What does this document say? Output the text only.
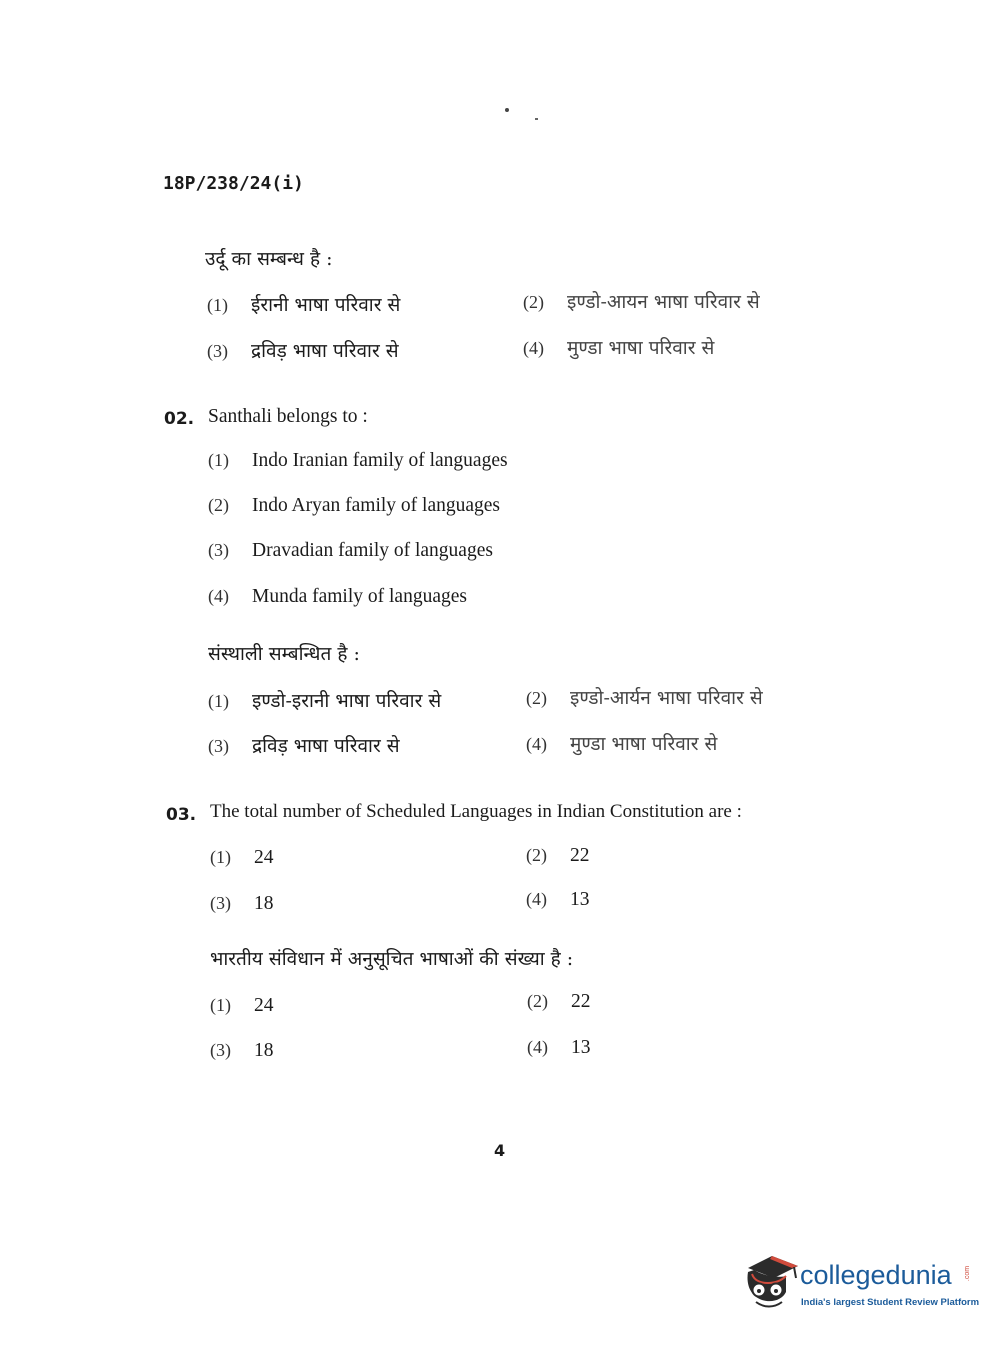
18P/238/24(i)
उर्दू का सम्बन्ध है :
(1) ईरानी भाषा परिवार से	(2) इण्डो-आयन भाषा परिवार से
(3) द्रविड़ भाषा परिवार से	(4) मुण्डा भाषा परिवार से
02. Santhali belongs to :
(1) Indo Iranian family of languages
(2) Indo Aryan family of languages
(3) Dravadian family of languages
(4) Munda family of languages
संस्थाली सम्बन्धित है :
(1) इण्डो-इरानी भाषा परिवार से	(2) इण्डो-आर्यन भाषा परिवार से
(3) द्रविड़ भाषा परिवार से	(4) मुण्डा भाषा परिवार से
03. The total number of Scheduled Languages in Indian Constitution are :
(1) 24	(2) 22
(3) 18	(4) 13
भारतीय संविधान में अनुसूचित भाषाओं की संख्या है :
(1) 24	(2) 22
(3) 18	(4) 13
4
collegedunia .com
India's largest Student Review Platform
